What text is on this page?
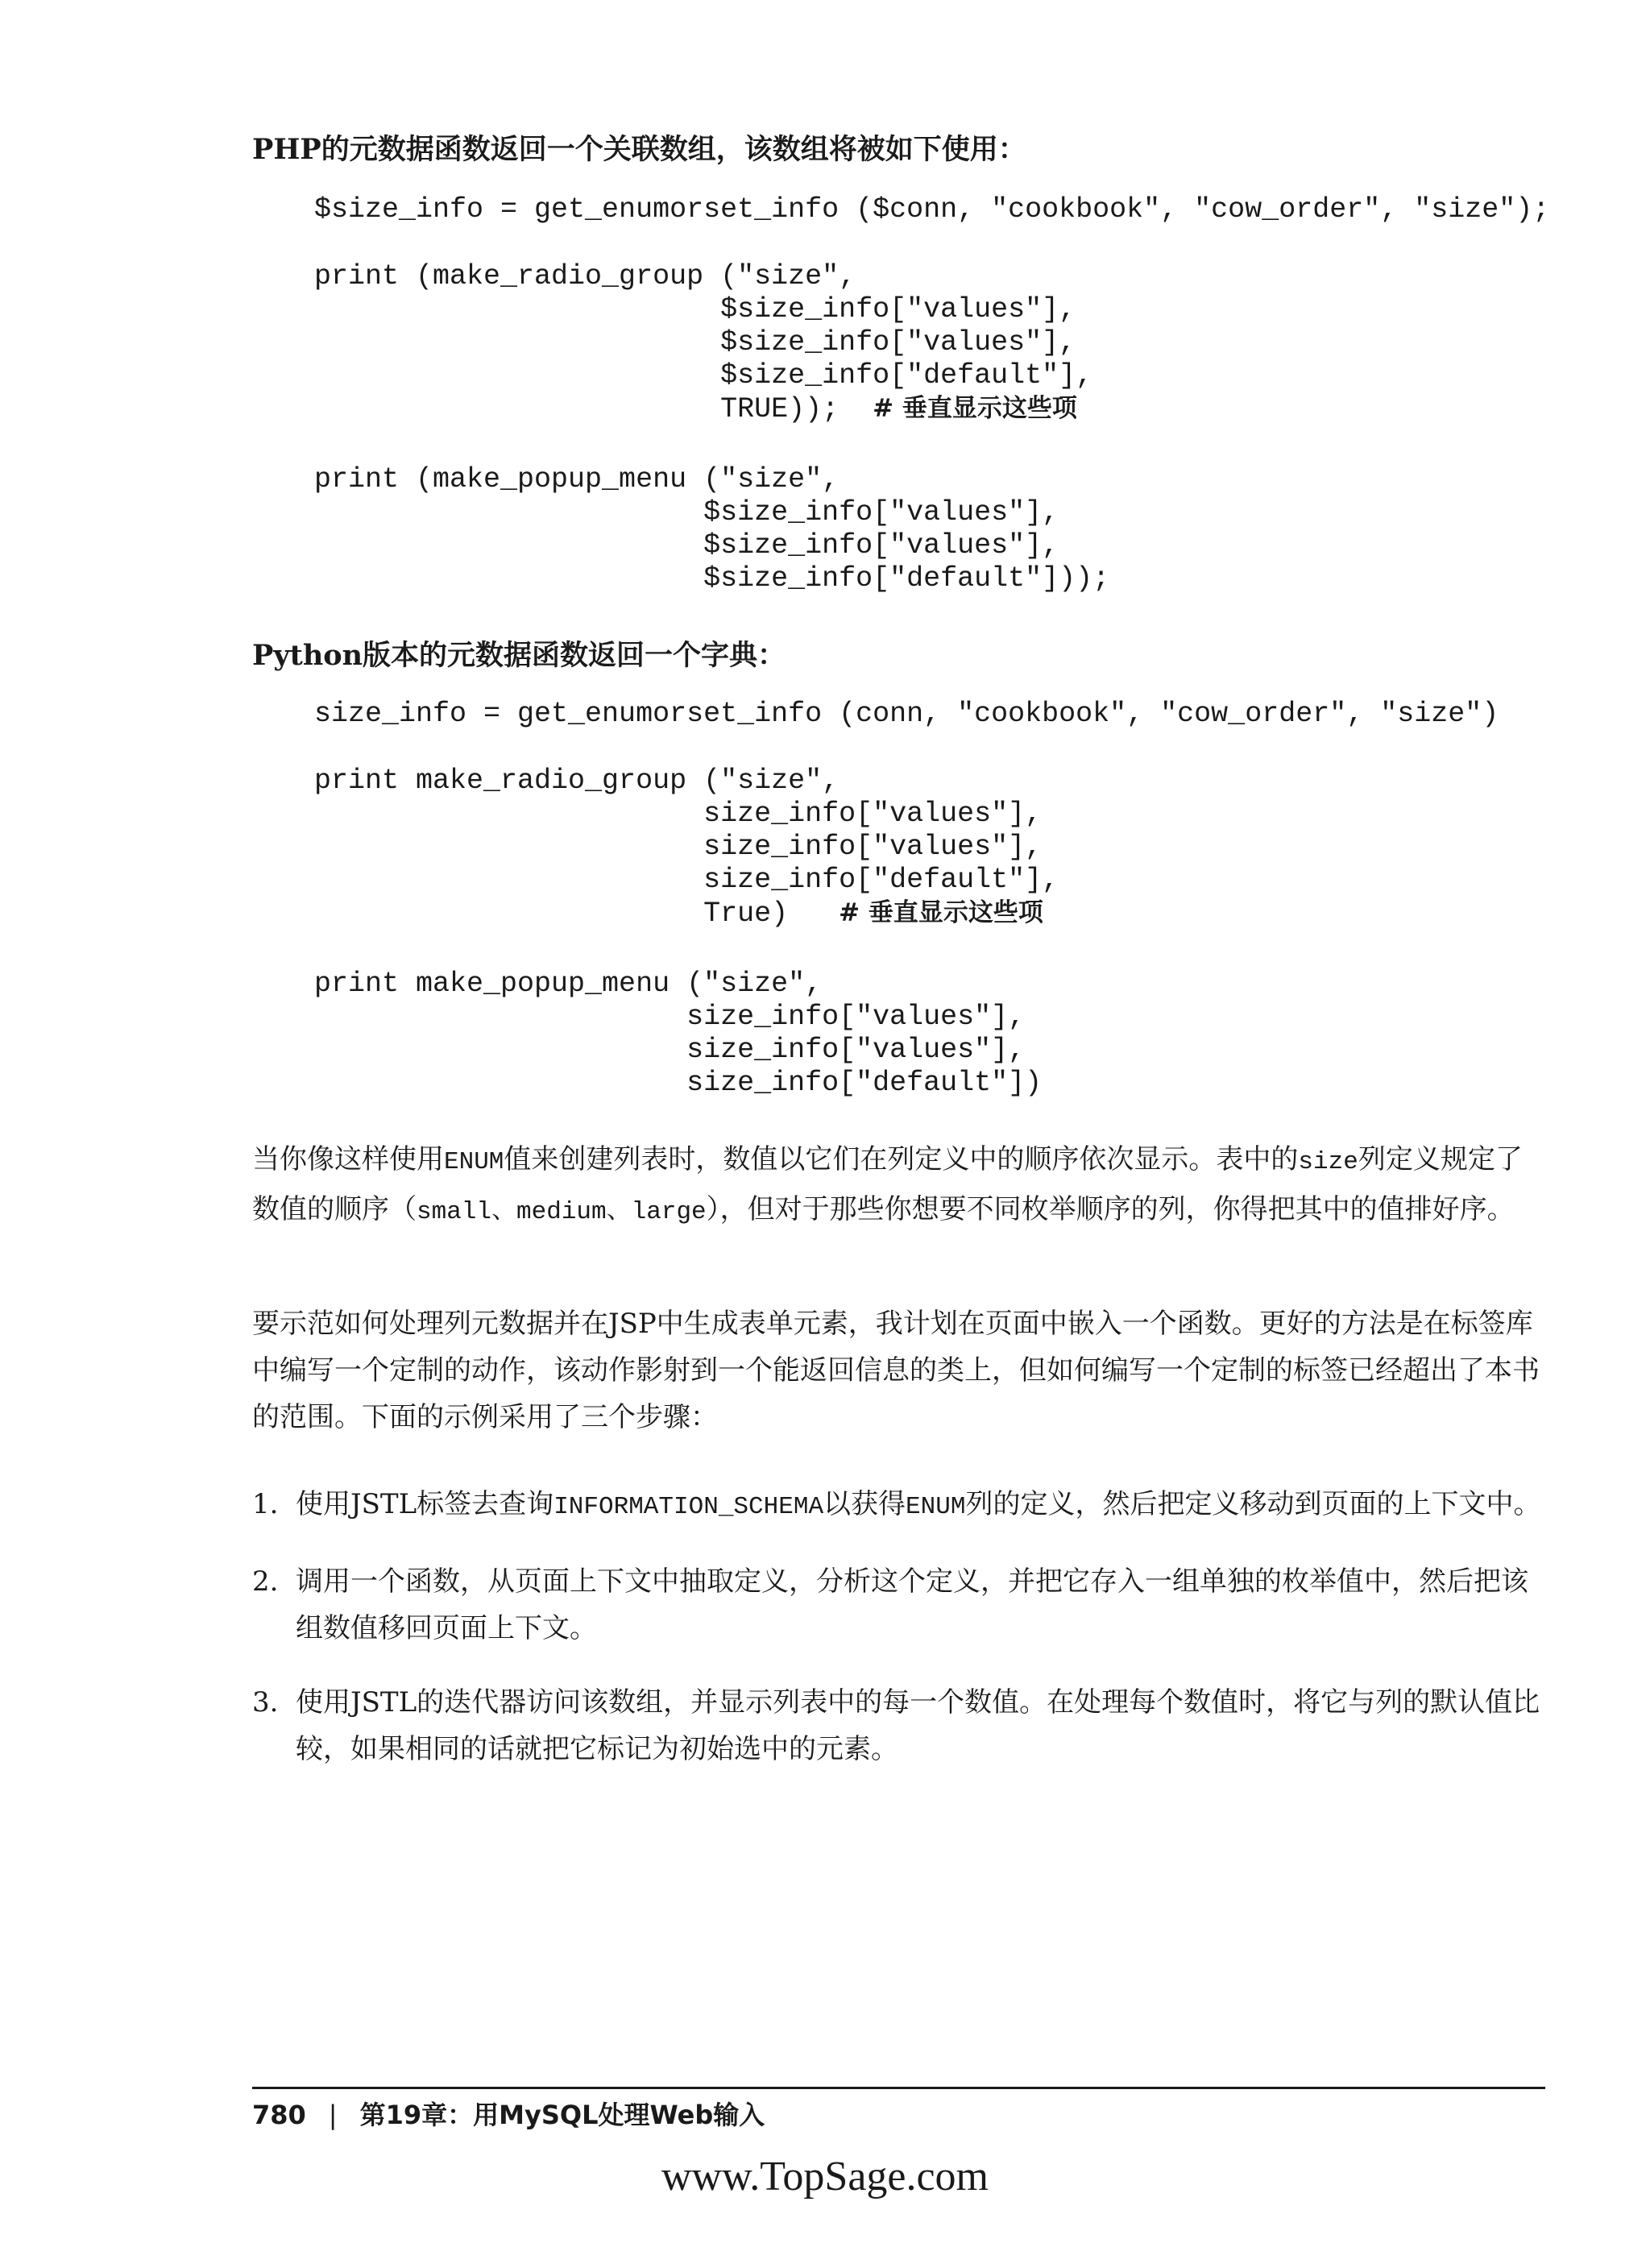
PHP的元数据函数返回一个关联数组，该数组将被如下使用：

$size_info = get_enumorset_info ($conn, "cookbook", "cow_order", "size");
print (make_radio_group ("size",
$size_info["values"],
$size_info["values"],
$size_info["default"],
TRUE));  # 垂直显示这些项
print (make_popup_menu ("size",
$size_info["values"],
$size_info["values"],
$size_info["default"]));

Python版本的元数据函数返回一个字典：

size_info = get_enumorset_info (conn, "cookbook", "cow_order", "size")
print make_radio_group ("size",
size_info["values"],
size_info["values"],
size_info["default"],
True)   # 垂直显示这些项
print make_popup_menu ("size",
size_info["values"],
size_info["values"],
size_info["default"])

当你像这样使用ENUM值来创建列表时，数值以它们在列定义中的顺序依次显示。表中的size列定义规定了数值的顺序（small、medium、large），但对于那些你想要不同枚举顺序的列，你得把其中的值排好序。

要示范如何处理列元数据并在JSP中生成表单元素，我计划在页面中嵌入一个函数。更好的方法是在标签库中编写一个定制的动作，该动作影射到一个能返回信息的类上，但如何编写一个定制的标签已经超出了本书的范围。下面的示例采用了三个步骤：

1. 使用JSTL标签去查询INFORMATION_SCHEMA以获得ENUM列的定义，然后把定义移动到页面的上下文中。
2. 调用一个函数，从页面上下文中抽取定义，分析这个定义，并把它存入一组单独的枚举值中，然后把该组数值移回页面上下文。
3. 使用JSTL的迭代器访问该数组，并显示列表中的每一个数值。在处理每个数值时，将它与列的默认值比较，如果相同的话就把它标记为初始选中的元素。
780 | 第19章：用MySQL处理Web输入
www.TopSage.com
